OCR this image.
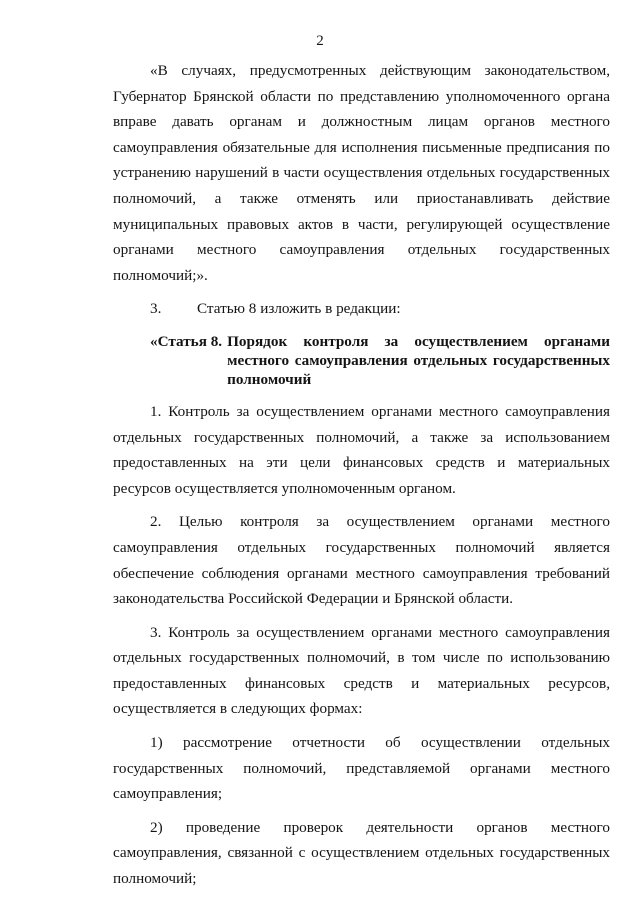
2

«В случаях, предусмотренных действующим законодательством, Губернатор Брянской области по представлению уполномоченного органа вправе давать органам и должностным лицам органов местного самоуправления обязательные для исполнения письменные предписания по устранению нарушений в части осуществления отдельных государственных полномочий, а также отменять или приостанавливать действие муниципальных правовых актов в части, регулирующей осуществление органами местного самоуправления отдельных государственных полномочий;».

3.	Статью 8 изложить в редакции:
«Статья 8. Порядок контроля за осуществлением органами местного самоуправления отдельных государственных полномочий

1. Контроль за осуществлением органами местного самоуправления отдельных государственных полномочий, а также за использованием предоставленных на эти цели финансовых средств и материальных ресурсов осуществляется уполномоченным органом.

2. Целью контроля за осуществлением органами местного самоуправления отдельных государственных полномочий является обеспечение соблюдения органами местного самоуправления требований законодательства Российской Федерации и Брянской области.

3. Контроль за осуществлением органами местного самоуправления отдельных государственных полномочий, в том числе по использованию предоставленных финансовых средств и материальных ресурсов, осуществляется в следующих формах:

1) рассмотрение отчетности об осуществлении отдельных государственных полномочий, представляемой органами местного самоуправления;

2) проведение проверок деятельности органов местного самоуправления, связанной с осуществлением отдельных государственных полномочий;
